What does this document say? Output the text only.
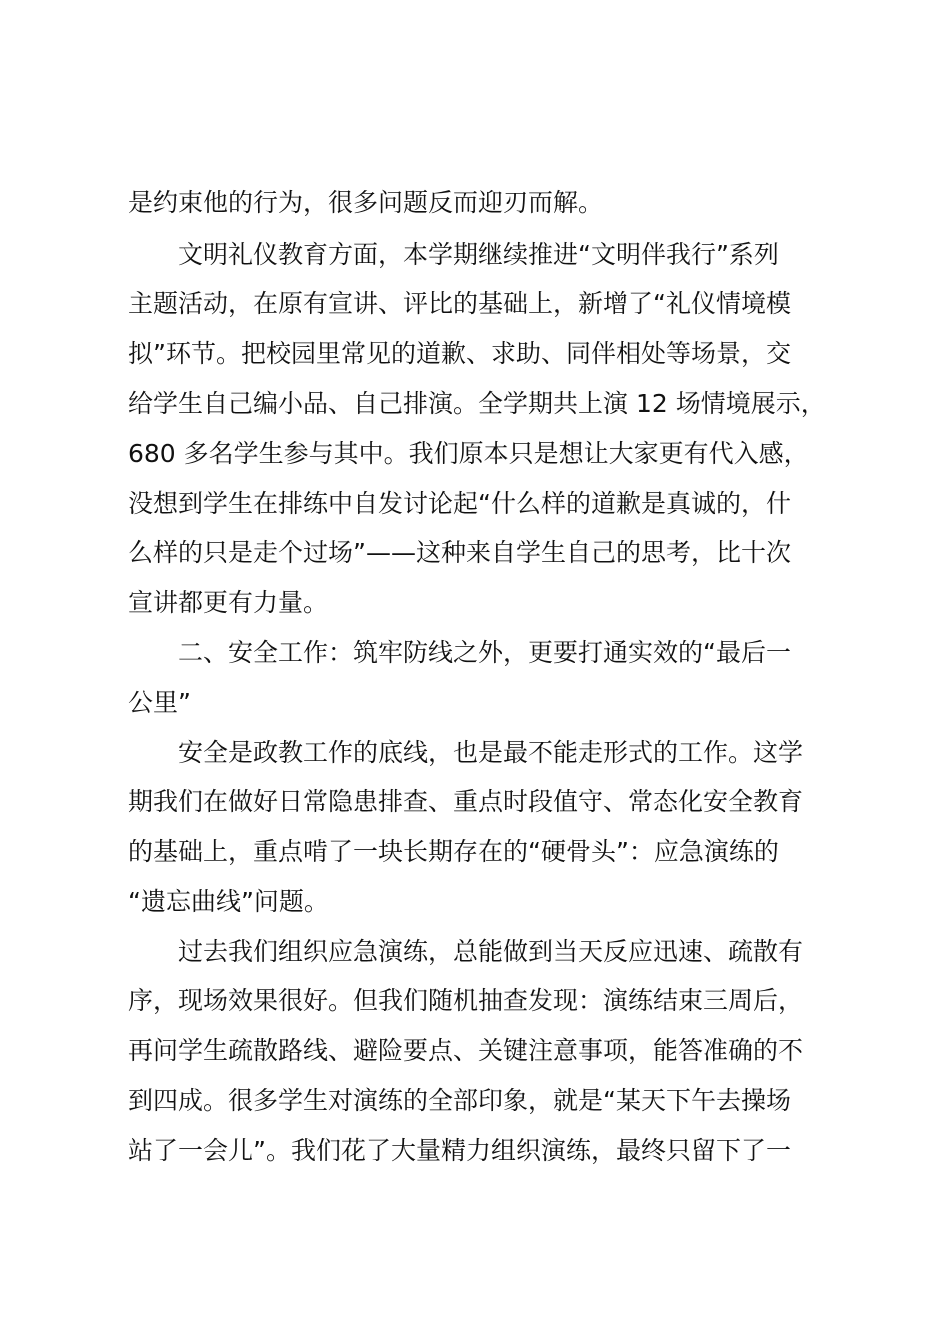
是约束他的行为，很多问题反而迎刃而解。
文明礼仪教育方面，本学期继续推进“文明伴我行”系列
主题活动，在原有宣讲、评比的基础上，新增了“礼仪情境模
拟”环节。把校园里常见的道歉、求助、同伴相处等场景，交
给学生自己编小品、自己排演。全学期共上演 12 场情境展示，
680 多名学生参与其中。我们原本只是想让大家更有代入感，
没想到学生在排练中自发讨论起“什么样的道歉是真诚的，什
么样的只是走个过场”——这种来自学生自己的思考，比十次
宣讲都更有力量。
二、安全工作：筑牢防线之外，更要打通实效的“最后一
公里”
安全是政教工作的底线，也是最不能走形式的工作。这学
期我们在做好日常隐患排查、重点时段值守、常态化安全教育
的基础上，重点啃了一块长期存在的“硬骨头”：应急演练的
“遗忘曲线”问题。
过去我们组织应急演练，总能做到当天反应迅速、疏散有
序，现场效果很好。但我们随机抽查发现：演练结束三周后，
再问学生疏散路线、避险要点、关键注意事项，能答准确的不
到四成。很多学生对演练的全部印象，就是“某天下午去操场
站了一会儿”。我们花了大量精力组织演练，最终只留下了一
